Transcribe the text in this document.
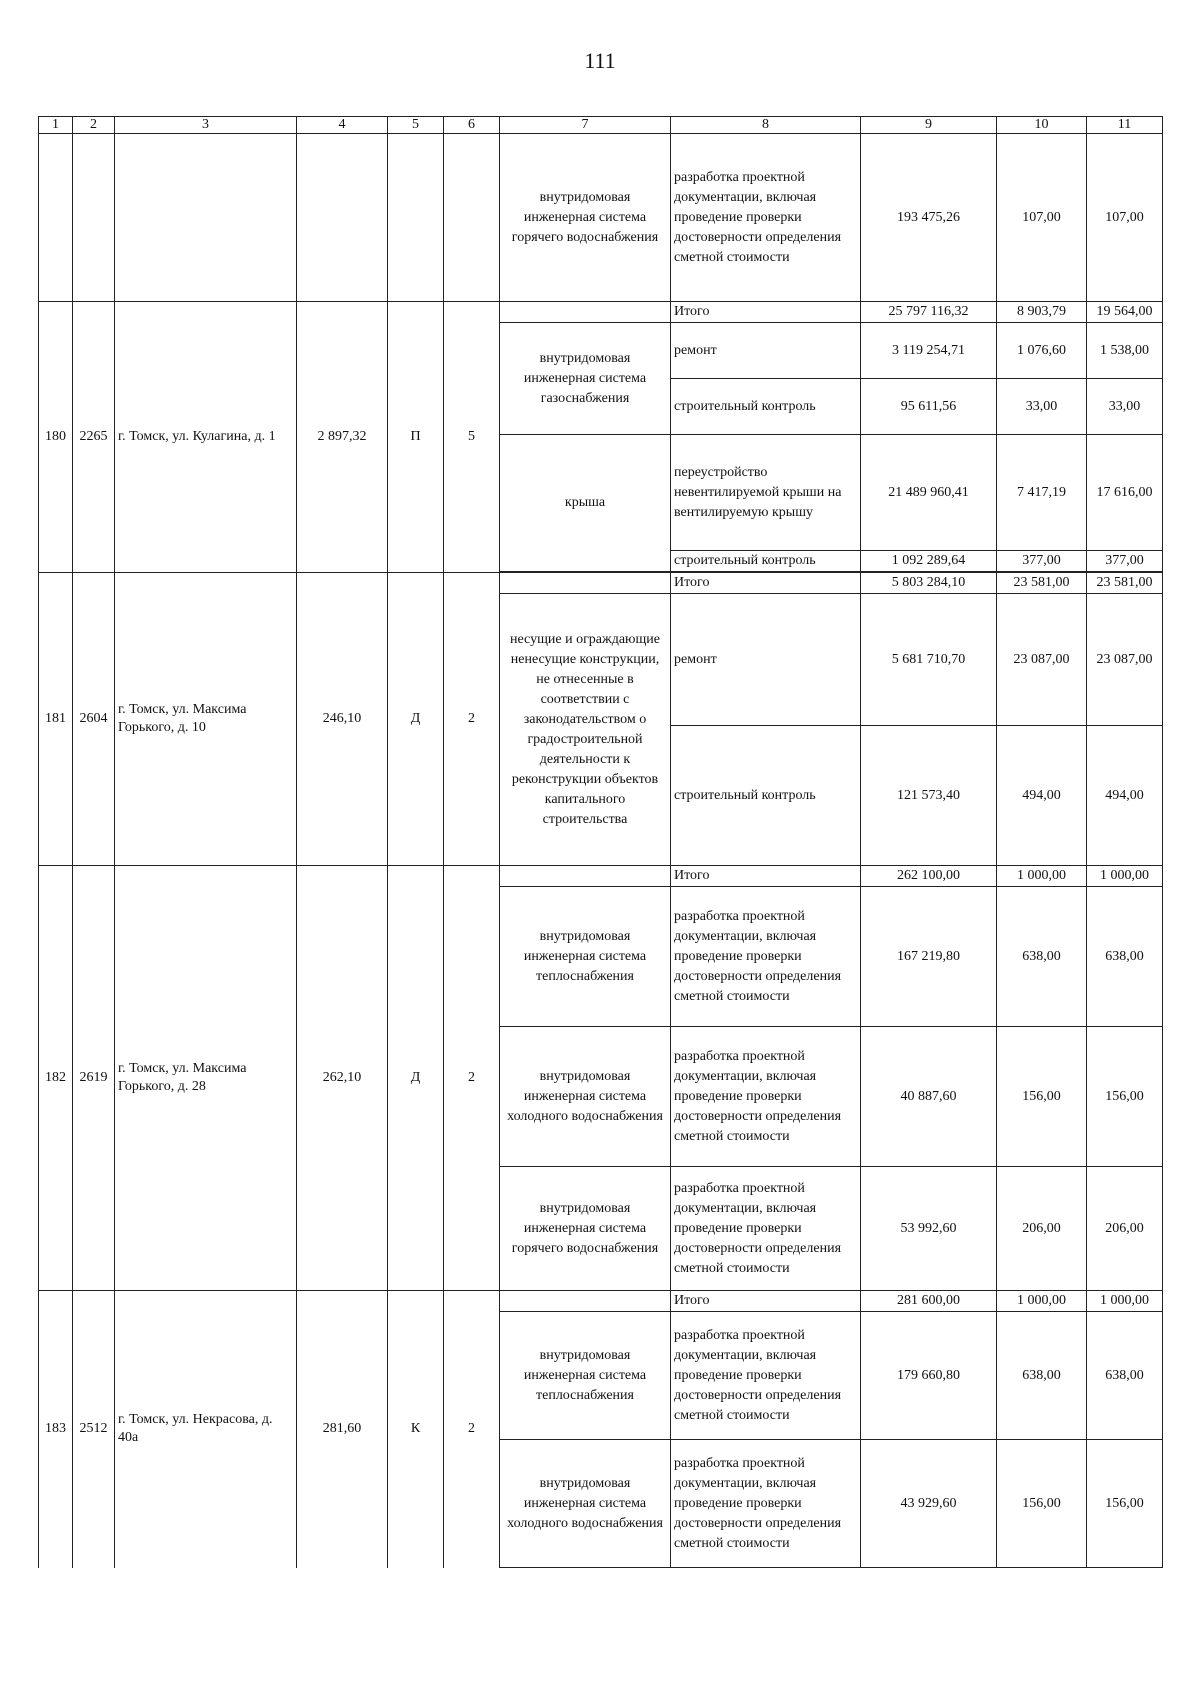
111
1	2	3	4	5	6	7	8	9	10	11
						внутридомовая инженерная система горячего водоснабжения	разработка проектной документации, включая проведение проверки достоверности определения сметной стоимости	193 475,26	107,00	107,00
180	2265	г. Томск, ул. Кулагина, д. 1	2 897,32	П	5		Итого	25 797 116,32	8 903,79	19 564,00
						внутридомовая инженерная система газоснабжения	ремонт	3 119 254,71	1 076,60	1 538,00
							строительный контроль	95 611,56	33,00	33,00
						крыша	переустройство невентилируемой крыши на вентилируемую крышу	21 489 960,41	7 417,19	17 616,00
							строительный контроль	1 092 289,64	377,00	377,00

181	2604	г. Томск, ул. Максима Горького, д. 10	246,10	Д	2		Итого	5 803 284,10	23 581,00	23 581,00
						несущие и ограждающие ненесущие конструкции, не отнесенные в соответствии с законодательством о градостроительной деятельности к реконструкции объектов капитального строительства	ремонт	5 681 710,70	23 087,00	23 087,00
							строительный контроль	121 573,40	494,00	494,00
182	2619	г. Томск, ул. Максима Горького, д. 28	262,10	Д	2		Итого	262 100,00	1 000,00	1 000,00
						внутридомовая инженерная система теплоснабжения	разработка проектной документации, включая проведение проверки достоверности определения сметной стоимости	167 219,80	638,00	638,00
						внутридомовая инженерная система холодного водоснабжения	разработка проектной документации, включая проведение проверки достоверности определения сметной стоимости	40 887,60	156,00	156,00
						внутридомовая инженерная система горячего водоснабжения	разработка проектной документации, включая проведение проверки достоверности определения сметной стоимости	53 992,60	206,00	206,00
183	2512	г. Томск, ул. Некрасова, д. 40а	281,60	К	2		Итого	281 600,00	1 000,00	1 000,00
						внутридомовая инженерная система теплоснабжения	разработка проектной документации, включая проведение проверки достоверности определения сметной стоимости	179 660,80	638,00	638,00
						внутридомовая инженерная система холодного водоснабжения	разработка проектной документации, включая проведение проверки достоверности определения сметной стоимости	43 929,60	156,00	156,00
